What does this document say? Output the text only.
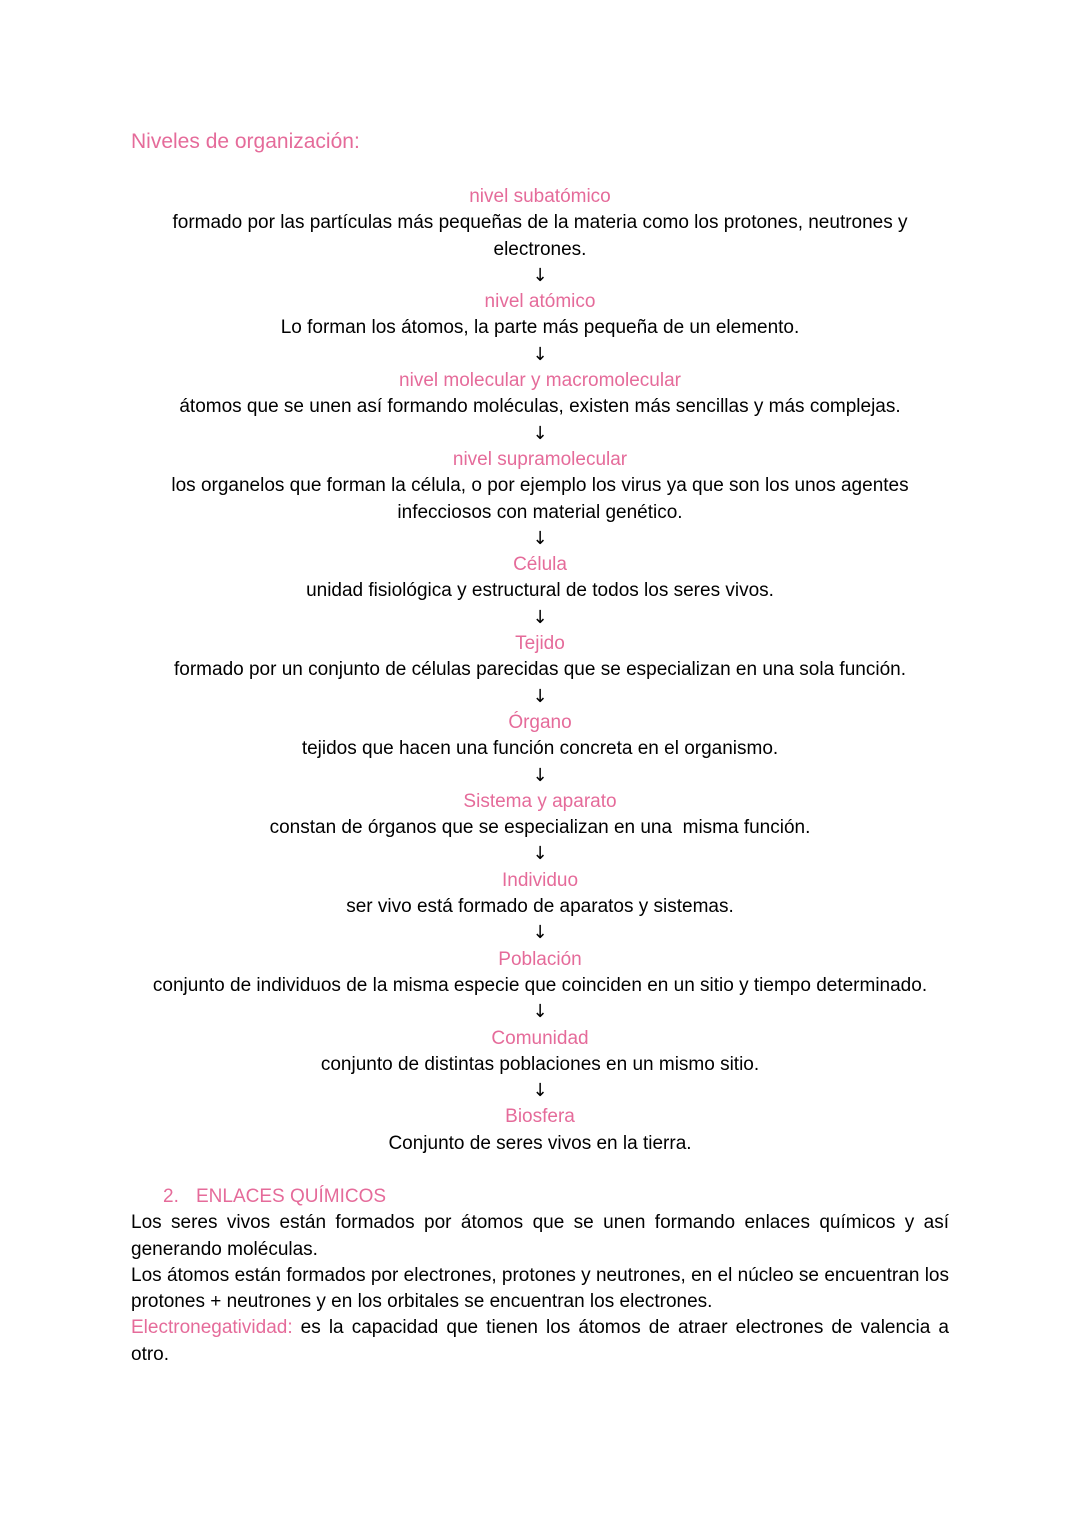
Niveles de organización:
nivel subatómico
formado por las partículas más pequeñas de la materia como los protones, neutrones y electrones.
↓
nivel atómico
Lo forman los átomos, la parte más pequeña de un elemento.
↓
nivel molecular y macromolecular
átomos que se unen así formando moléculas, existen más sencillas y más complejas.
↓
nivel supramolecular
los organelos que forman la célula, o por ejemplo los virus ya que son los unos agentes infecciosos con material genético.
↓
Célula
unidad fisiológica y estructural de todos los seres vivos.
↓
Tejido
formado por un conjunto de células parecidas que se especializan en una sola función.
↓
Órgano
tejidos que hacen una función concreta en el organismo.
↓
Sistema y aparato
constan de órganos que se especializan en una  misma función.
↓
Individuo
ser vivo está formado de aparatos y sistemas.
↓
Población
conjunto de individuos de la misma especie que coinciden en un sitio y tiempo determinado.
↓
Comunidad
conjunto de distintas poblaciones en un mismo sitio.
↓
Biosfera
Conjunto de seres vivos en la tierra.
2. ENLACES QUÍMICOS
Los seres vivos están formados por átomos que se unen formando enlaces químicos y así generando moléculas.
Los átomos están formados por electrones, protones y neutrones, en el núcleo se encuentran los protones + neutrones y en los orbitales se encuentran los electrones.
Electronegatividad: es la capacidad que tienen los átomos de atraer electrones de valencia a otro.
